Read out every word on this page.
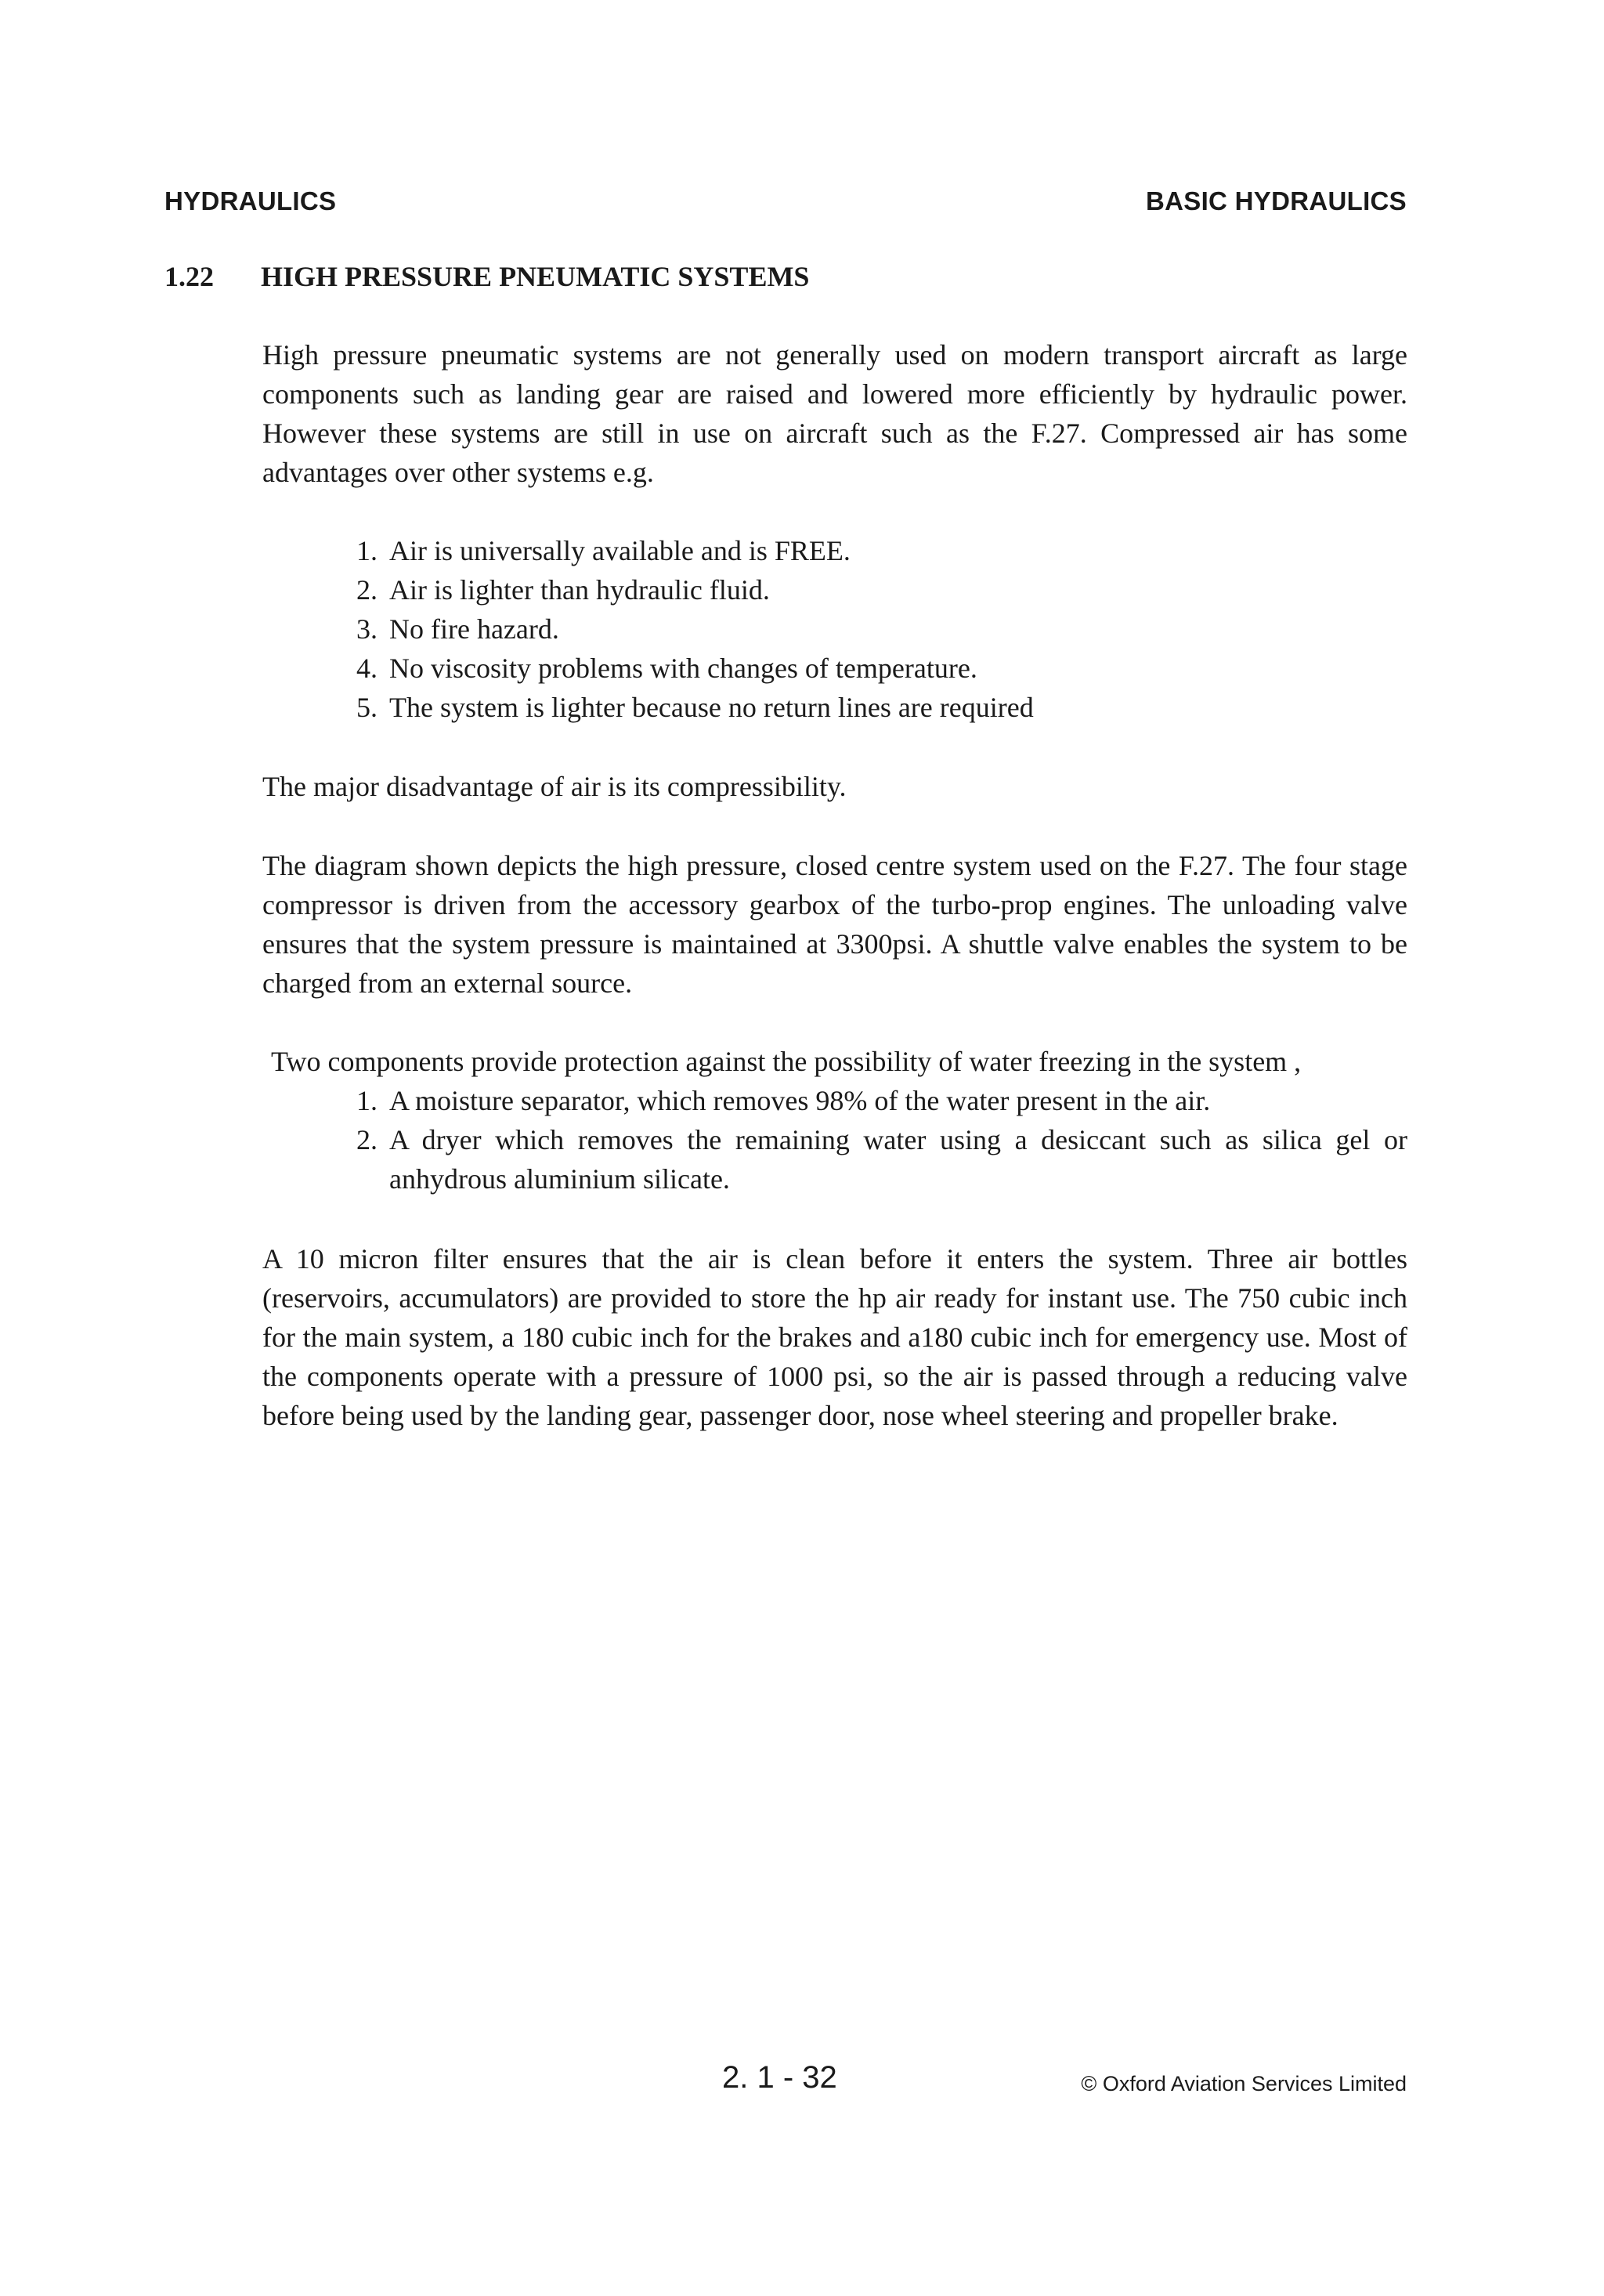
HYDRAULICS	BASIC HYDRAULICS
1.22 HIGH PRESSURE PNEUMATIC SYSTEMS

High pressure pneumatic systems are not generally used on modern transport aircraft as large components such as landing gear are raised and lowered more efficiently by hydraulic power. However these systems are still in use on aircraft such as the F.27. Compressed air has some advantages over other systems e.g.

1. Air is universally available and is FREE.
2. Air is lighter than hydraulic fluid.
3. No fire hazard.
4. No viscosity problems with changes of temperature.
5. The system is lighter because no return lines are required

The major disadvantage of air is its compressibility.

The diagram shown depicts the high pressure, closed centre system used on the F.27. The four stage compressor is driven from the accessory gearbox of the turbo-prop engines. The unloading valve ensures that the system pressure is maintained at 3300psi. A shuttle valve enables the system to be charged from an external source.

Two components provide protection against the possibility of water freezing in the system ,

1. A moisture separator, which removes 98% of the water present in the air.
2. A dryer which removes the remaining water using a desiccant such as silica gel or anhydrous aluminium silicate.

A 10 micron filter ensures that the air is clean before it enters the system. Three air bottles (reservoirs, accumulators) are provided to store the hp air ready for instant use. The 750 cubic inch for the main system, a 180 cubic inch for the brakes and a180 cubic inch for emergency use. Most of the components operate with a pressure of 1000 psi, so the air is passed through a reducing valve before being used by the landing gear, passenger door, nose wheel steering and propeller brake.

2. 1 - 32	© Oxford Aviation Services Limited
